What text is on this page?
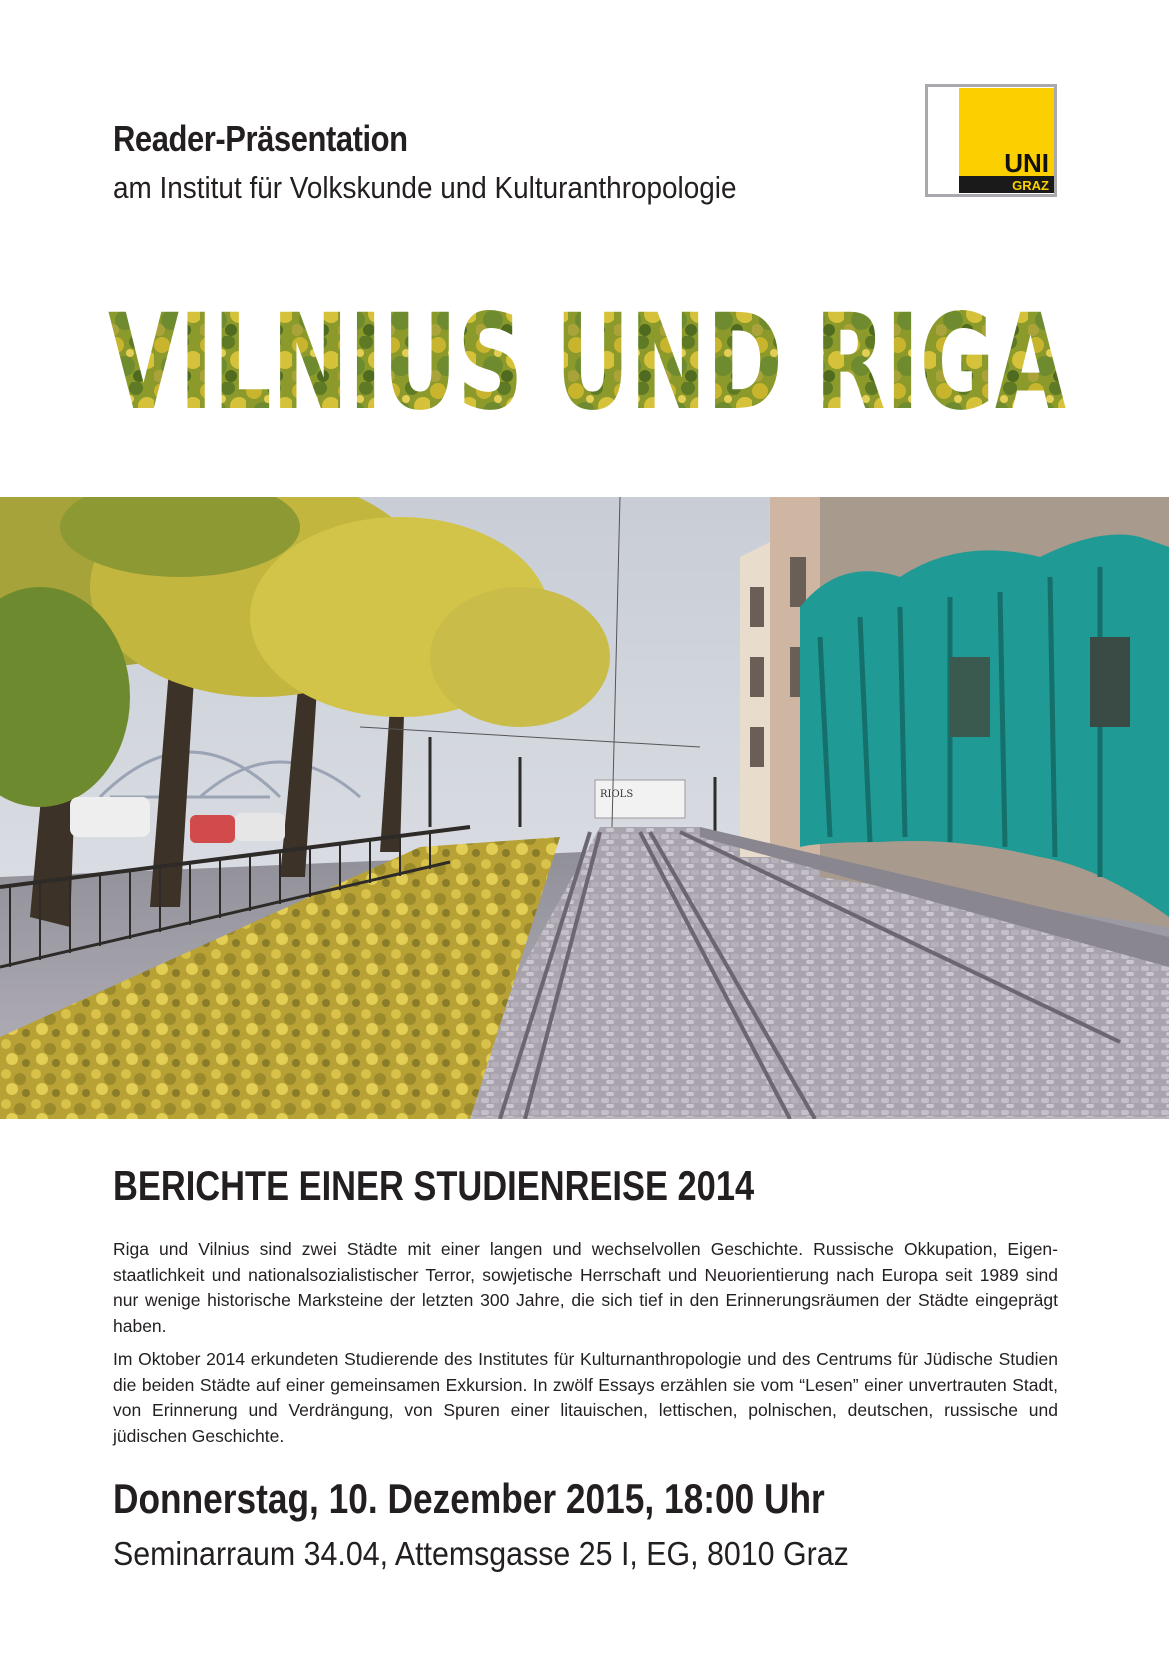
Reader-Präsentation
am Institut für Volkskunde und Kulturanthropologie
UNI
GRAZ
VILNIUS UND RIGA
RIOLS
BERICHTE EINER STUDIENREISE 2014

Riga und Vilnius sind zwei Städte mit einer langen und wechselvollen Geschichte. Russische Okkupation, Eigen-staatlichkeit und nationalsozialistischer Terror, sowjetische Herrschaft und Neuorientierung nach Europa seit 1989 sind nur wenige historische Marksteine der letzten 300 Jahre, die sich tief in den Erinnerungsräumen der Städte eingeprägt haben.

Im Oktober 2014 erkundeten Studierende des Institutes für Kulturnanthropologie und des Centrums für Jüdische Studien die beiden Städte auf einer gemeinsamen Exkursion. In zwölf Essays erzählen sie vom “Lesen” einer unvertrauten Stadt, von Erinnerung und Verdrängung, von Spuren einer litauischen, lettischen, polnischen, deutschen, russische und jüdischen Geschichte.

Donnerstag, 10. Dezember 2015, 18:00 Uhr
Seminarraum 34.04, Attemsgasse 25 I, EG, 8010 Graz
